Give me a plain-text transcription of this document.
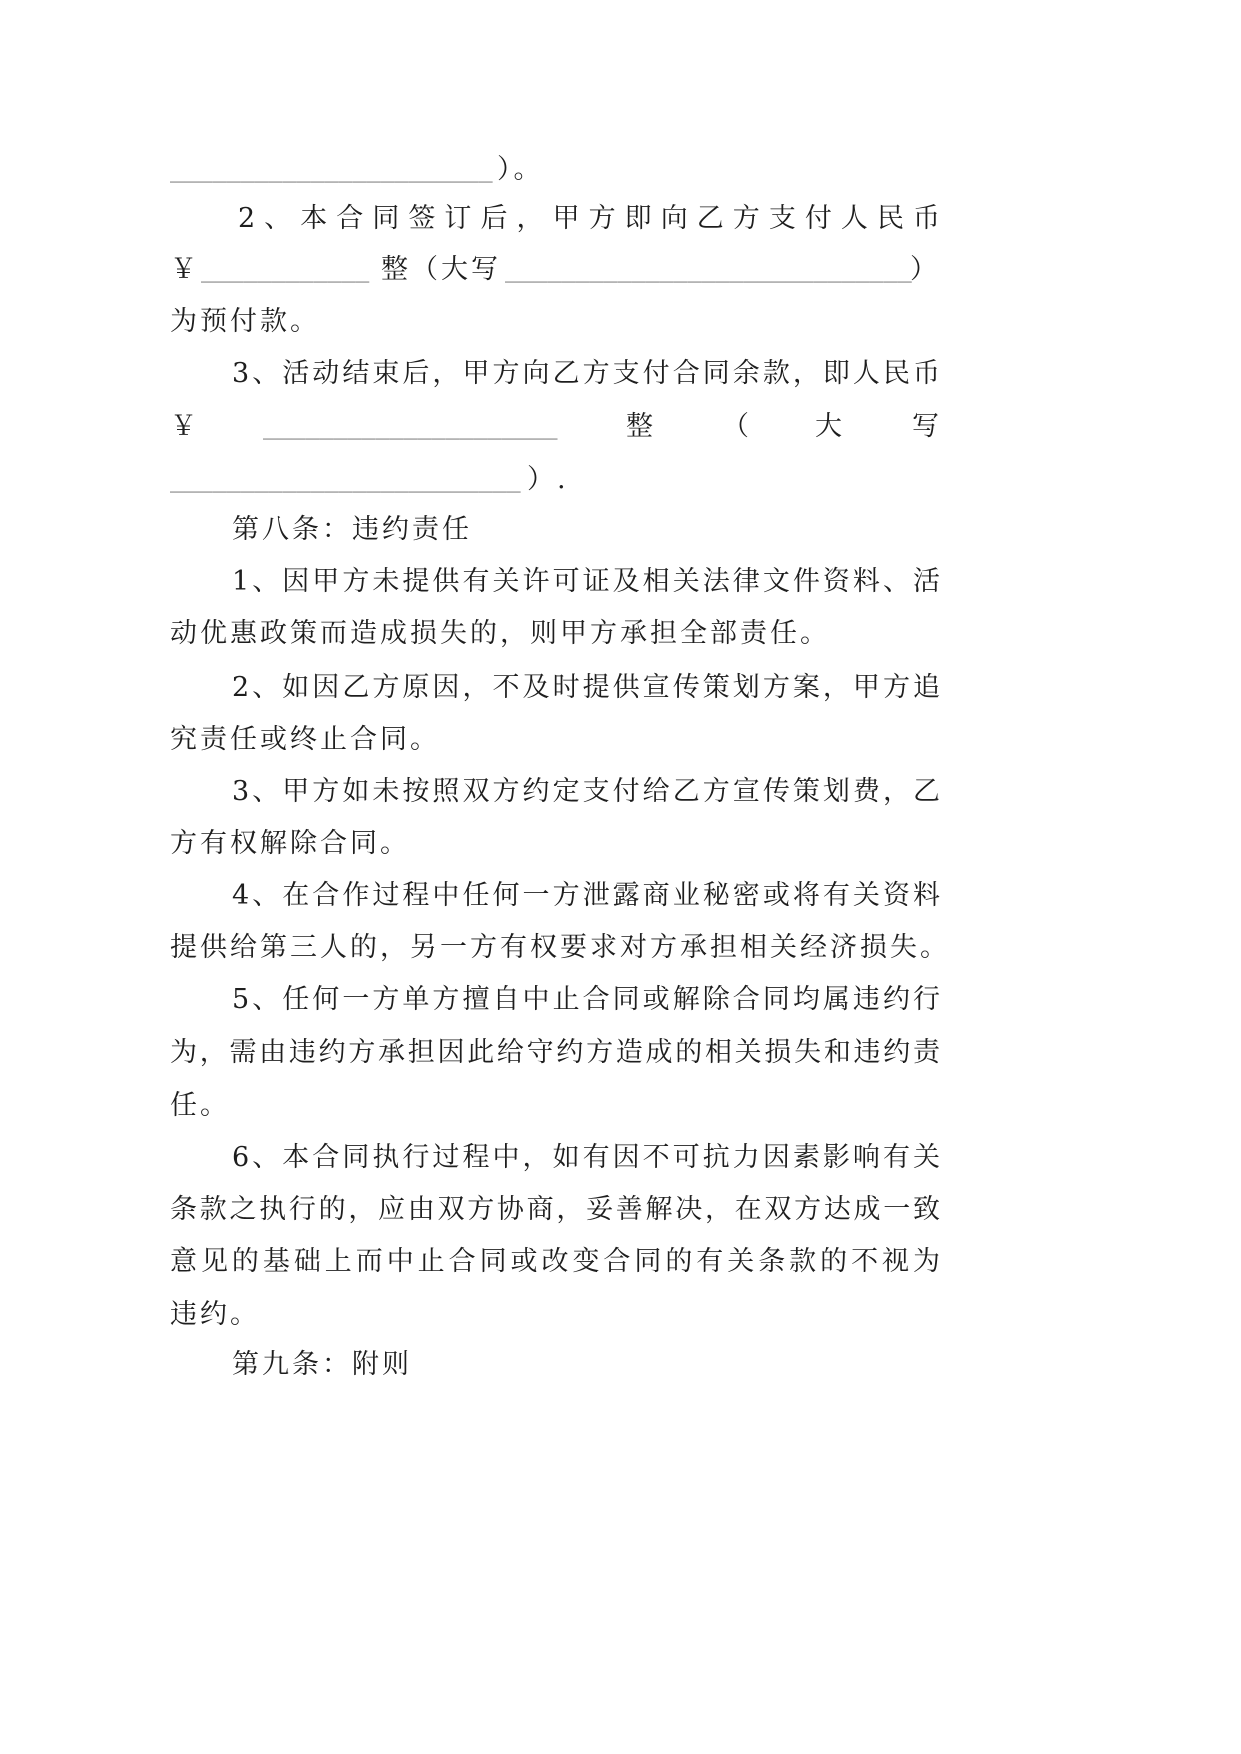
_______________________ ）。
2、本合同签订后，甲方即向乙方支付人民币
￥ ____________ 整（大写 _____________________________
）
为预付款。
3、活动结束后，甲方向乙方支付合同余款，即人民币
￥	_____________________	整 （ 大 写
_________________________ ）.
第八条：违约责任
1、因甲方未提供有关许可证及相关法律文件资料、活
动优惠政策而造成损失的，则甲方承担全部责任。
2、如因乙方原因，不及时提供宣传策划方案，甲方追
究责任或终止合同。
3、甲方如未按照双方约定支付给乙方宣传策划费，乙
方有权解除合同。
4、在合作过程中任何一方泄露商业秘密或将有关资料
提供给第三人的，另一方有权要求对方承担相关经济损失。
5、任何一方单方擅自中止合同或解除合同均属违约行
为，需由违约方承担因此给守约方造成的相关损失和违约责
任。
6、本合同执行过程中，如有因不可抗力因素影响有关
条款之执行的，应由双方协商，妥善解决，在双方达成一致
意见的基础上而中止合同或改变合同的有关条款的不视为
违约。
第九条：附则
